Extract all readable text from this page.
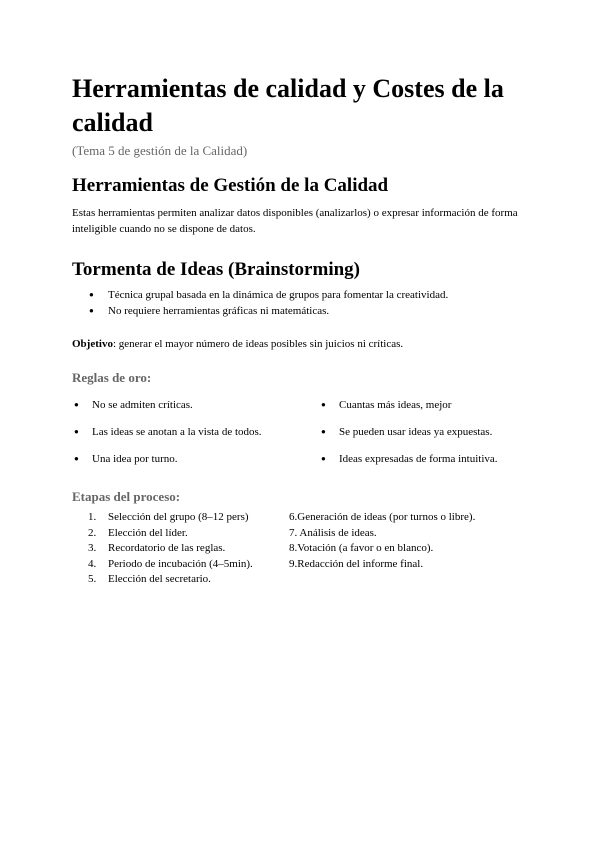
Herramientas de calidad y Costes de la calidad

(Tema 5 de gestión de la Calidad)

Herramientas de Gestión de la Calidad

Estas herramientas permiten analizar datos disponibles (analizarlos) o expresar información de forma inteligible cuando no se dispone de datos.

Tormenta de Ideas (Brainstorming)
● Técnica grupal basada en la dinámica de grupos para fomentar la creatividad.
● No requiere herramientas gráficas ni matemáticas.

Objetivo: generar el mayor número de ideas posibles sin juicios ni críticas.

Reglas de oro:
● No se admiten críticas.
● Las ideas se anotan a la vista de todos.
● Una idea por turno.
● Cuantas más ideas, mejor
● Se pueden usar ideas ya expuestas.
● Ideas expresadas de forma intuitiva.
Etapas del proceso:
1. Selección del grupo (8–12 pers)
2. Elección del líder.
3. Recordatorio de las reglas.
4. Periodo de incubación (4–5min).
5. Elección del secretario.
6.Generación de ideas (por turnos o libre).
7. Análisis de ideas.
8.Votación (a favor o en blanco).
9.Redacción del informe final.
